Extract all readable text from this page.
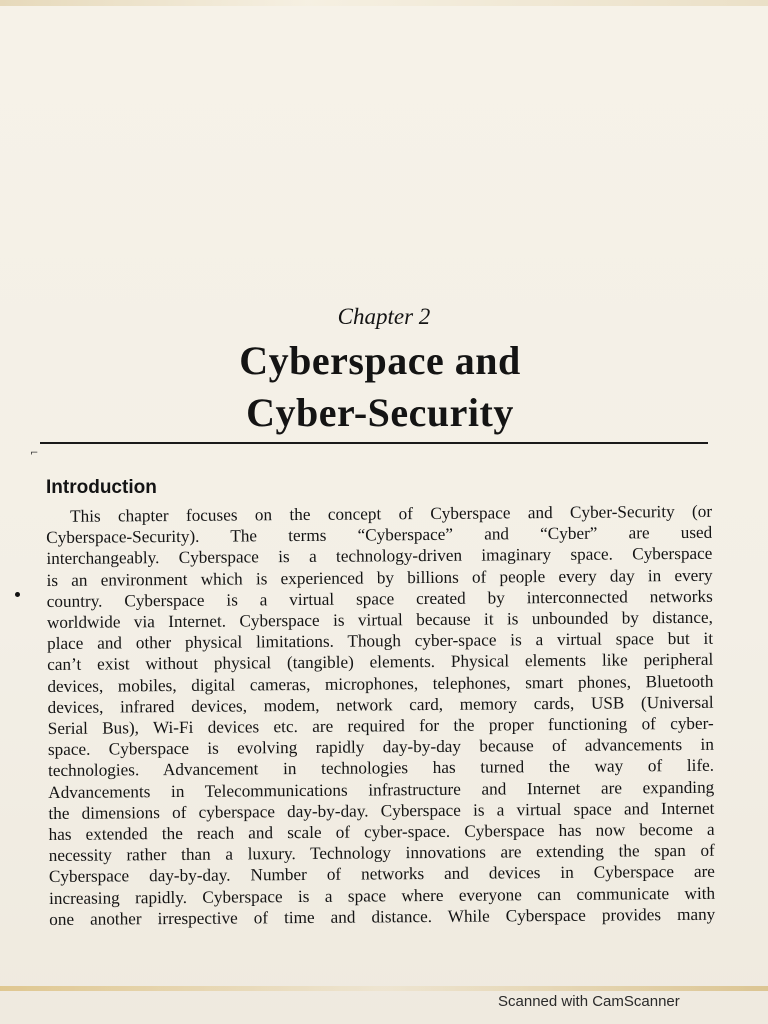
Chapter 2
Cyberspace and
Cyber-Security
⌐
Introduction
This chapter focuses on the concept of Cyberspace and Cyber-Security (or
Cyberspace-Security). The terms “Cyberspace” and “Cyber” are used
interchangeably. Cyberspace is a technology-driven imaginary space. Cyberspace
is an environment which is experienced by billions of people every day in every
country. Cyberspace is a virtual space created by interconnected networks
worldwide via Internet. Cyberspace is virtual because it is unbounded by distance,
place and other physical limitations. Though cyber-space is a virtual space but it
can’t exist without physical (tangible) elements. Physical elements like peripheral
devices, mobiles, digital cameras, microphones, telephones, smart phones, Bluetooth
devices, infrared devices, modem, network card, memory cards, USB (Universal
Serial Bus), Wi-Fi devices etc. are required for the proper functioning of cyber-
space. Cyberspace is evolving rapidly day-by-day because of advancements in
technologies. Advancement in technologies has turned the way of life.
Advancements in Telecommunications infrastructure and Internet are expanding
the dimensions of cyberspace day-by-day. Cyberspace is a virtual space and Internet
has extended the reach and scale of cyber-space. Cyberspace has now become a
necessity rather than a luxury. Technology innovations are extending the span of
Cyberspace day-by-day. Number of networks and devices in Cyberspace are
increasing rapidly. Cyberspace is a space where everyone can communicate with
one another irrespective of time and distance. While Cyberspace provides many
Scanned with CamScanner
